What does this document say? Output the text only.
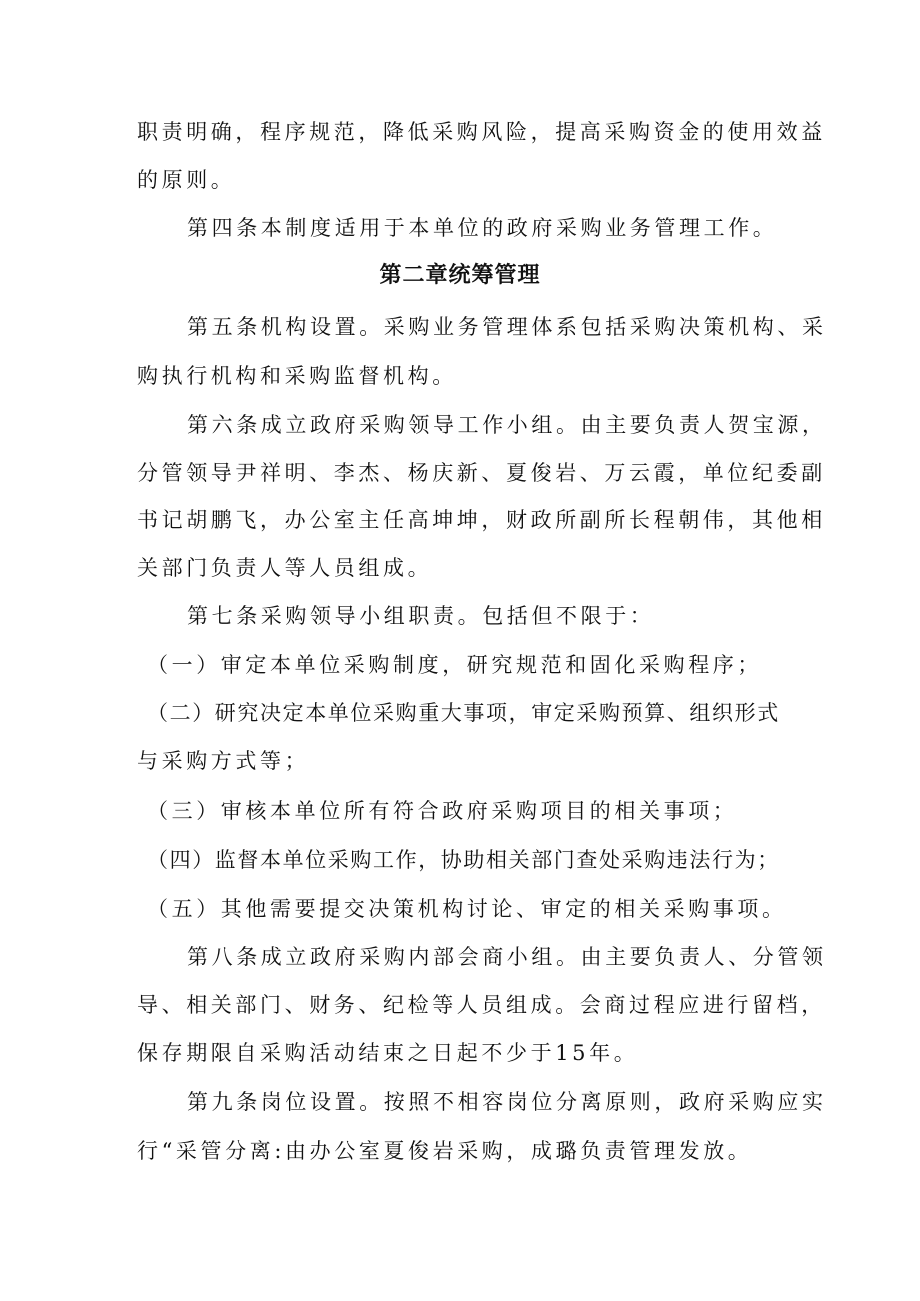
职责明确，程序规范，降低采购风险，提高采购资金的使用效益
的原则。
第四条本制度适用于本单位的政府采购业务管理工作。
第二章统筹管理
第五条机构设置。采购业务管理体系包括采购决策机构、采
购执行机构和采购监督机构。
第六条成立政府采购领导工作小组。由主要负责人贺宝源，
分管领导尹祥明、李杰、杨庆新、夏俊岩、万云霞，单位纪委副
书记胡鹏飞，办公室主任高坤坤，财政所副所长程朝伟，其他相
关部门负责人等人员组成。
第七条采购领导小组职责。包括但不限于：
（一）审定本单位采购制度，研究规范和固化采购程序；
（二）研究决定本单位采购重大事项，审定采购预算、组织形式
与采购方式等；
（三）审核本单位所有符合政府采购项目的相关事项；
（四）监督本单位采购工作，协助相关部门查处采购违法行为；
（五）其他需要提交决策机构讨论、审定的相关采购事项。
第八条成立政府采购内部会商小组。由主要负责人、分管领
导、相关部门、财务、纪检等人员组成。会商过程应进行留档，
保存期限自采购活动结束之日起不少于15年。
第九条岗位设置。按照不相容岗位分离原则，政府采购应实
行“采管分离:由办公室夏俊岩采购，成璐负责管理发放。
